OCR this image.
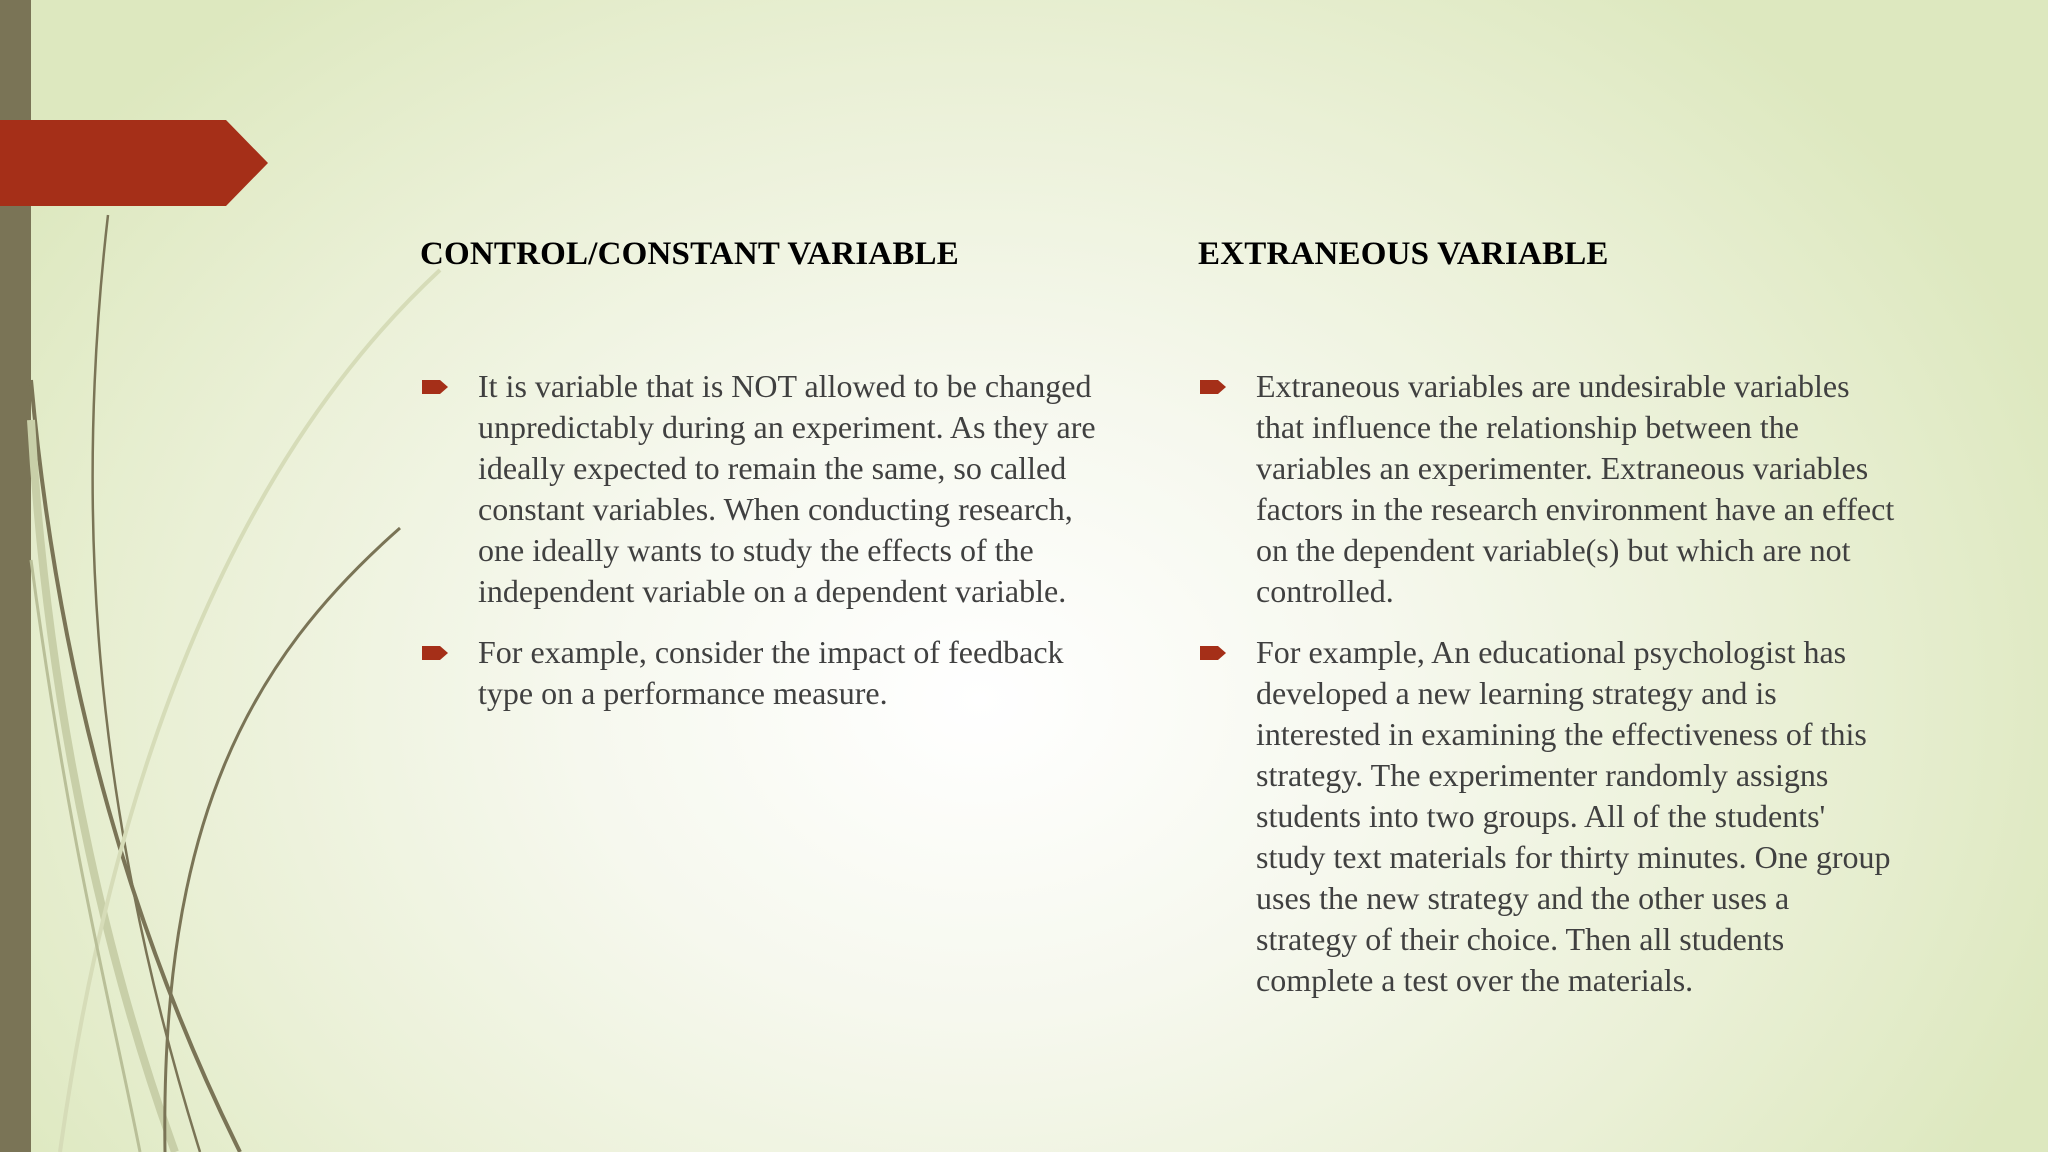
CONTROL/CONSTANT VARIABLE
It is variable that is NOT allowed to be changed unpredictably during an experiment. As they are ideally expected to remain the same, so called constant variables. When conducting research, one ideally wants to study the effects of the independent variable on a dependent variable.
For example, consider the impact of feedback type on a performance measure.
EXTRANEOUS VARIABLE
Extraneous variables are undesirable variables that influence the relationship between the variables an experimenter. Extraneous variables factors in the research environment have an effect on the dependent variable(s) but which are not controlled.
For example, An educational psychologist has developed a new learning strategy and is interested in examining the effectiveness of this strategy. The experimenter randomly assigns students into two groups. All of the students' study text materials for thirty minutes. One group uses the new strategy and the other uses a strategy of their choice. Then all students complete a test over the materials.
